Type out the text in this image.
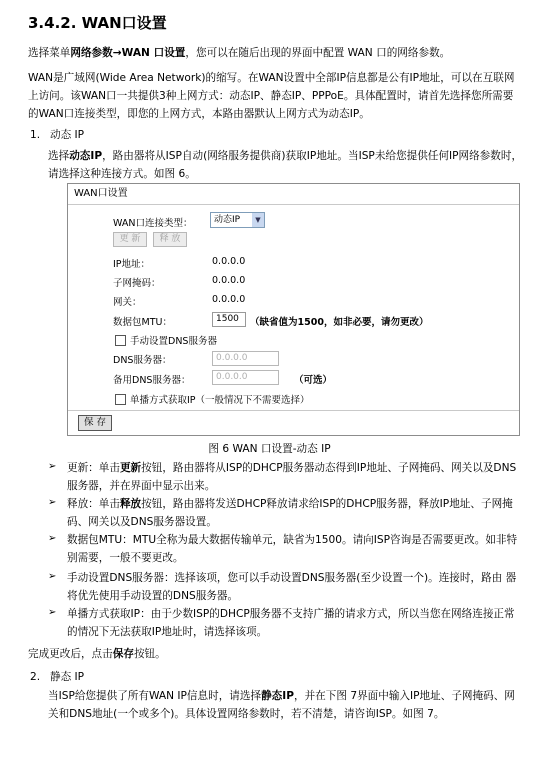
3.4.2. WAN口设置
选择菜单网络参数→WAN 口设置，您可以在随后出现的界面中配置 WAN 口的网络参数。
WAN是广域网(Wide Area Network)的缩写。在WAN设置中全部IP信息都是公有IP地址，可以在互联网上访问。该WAN口一共提供3种上网方式：动态IP、静态IP、PPPoE。具体配置时，请首先选择您所需要的WAN口连接类型，即您的上网方式，本路由器默认上网方式为动态IP。
1. 动态 IP
选择动态IP，路由器将从ISP自动(网络服务提供商)获取IP地址。当ISP未给您提供任何IP网络参数时，请选择这种连接方式。如图 6。
WAN口设置
WAN口连接类型：	动态IP	▼
更 新	释 放
IP地址：	0.0.0.0
子网掩码：	0.0.0.0
网关：	0.0.0.0
数据包MTU：	1500	（缺省值为1500，如非必要，请勿更改）
手动设置DNS服务器
DNS服务器：	0.0.0.0
备用DNS服务器：	0.0.0.0	（可选）
单播方式获取IP（一般情况下不需要选择）
保 存
图 6 WAN 口设置-动态 IP
➢ 更新：单击更新按钮，路由器将从ISP的DHCP服务器动态得到IP地址、子网掩码、网关以及DNS服务器，并在界面中显示出来。
➢ 释放：单击释放按钮，路由器将发送DHCP释放请求给ISP的DHCP服务器，释放IP地址、子网掩码、网关以及DNS服务器设置。
➢ 数据包MTU：MTU全称为最大数据传输单元，缺省为1500。请向ISP咨询是否需要更改。如非特别需要，一般不要更改。
➢ 手动设置DNS服务器：选择该项，您可以手动设置DNS服务器(至少设置一个)。连接时，路由 器将优先使用手动设置的DNS服务器。
➢ 单播方式获取IP：由于少数ISP的DHCP服务器不支持广播的请求方式，所以当您在网络连接正常的情况下无法获取IP地址时，请选择该项。
完成更改后，点击保存按钮。
2. 静态 IP
当ISP给您提供了所有WAN IP信息时，请选择静态IP，并在下图 7界面中输入IP地址、子网掩码、网关和DNS地址(一个或多个)。具体设置网络参数时，若不清楚，请咨询ISP。如图 7。
